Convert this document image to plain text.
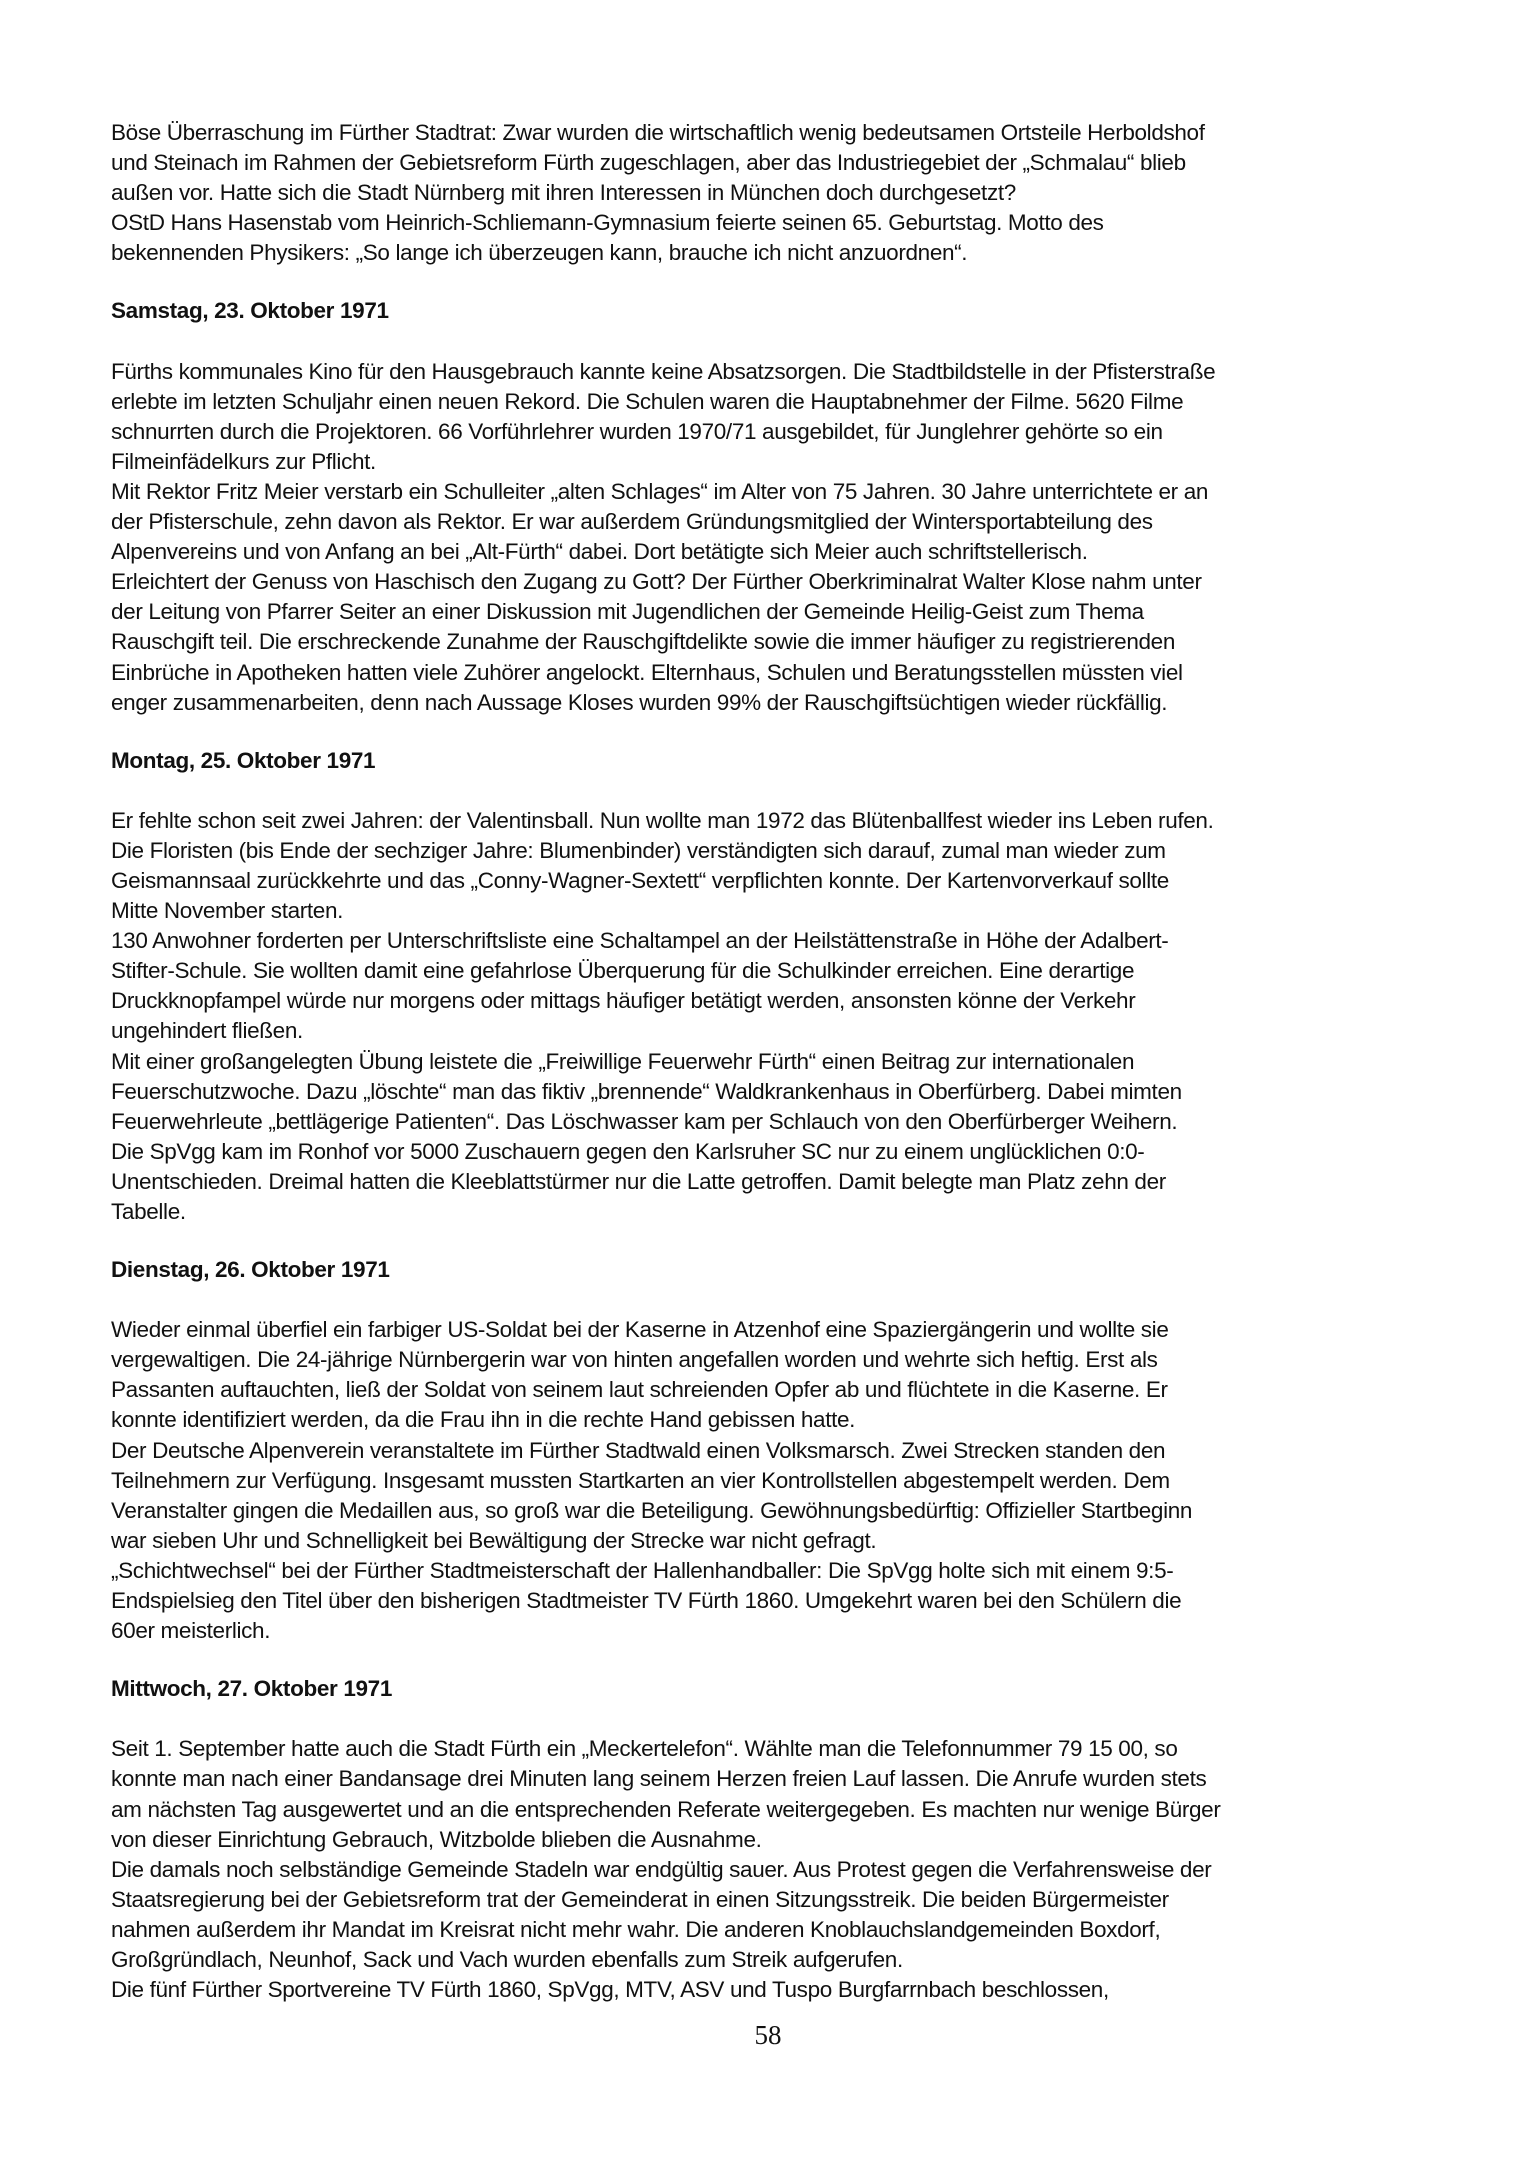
Böse Überraschung im Fürther Stadtrat: Zwar wurden die wirtschaftlich wenig bedeutsamen Ortsteile Herboldshof
und Steinach im Rahmen der Gebietsreform Fürth zugeschlagen, aber das Industriegebiet der „Schmalau“ blieb
außen vor. Hatte sich die Stadt Nürnberg mit ihren Interessen in München doch durchgesetzt?
OStD Hans Hasenstab vom Heinrich-Schliemann-Gymnasium feierte seinen 65. Geburtstag. Motto des
bekennenden Physikers: „So lange ich überzeugen kann, brauche ich nicht anzuordnen“.
Samstag, 23. Oktober 1971
Fürths kommunales Kino für den Hausgebrauch kannte keine Absatzsorgen. Die Stadtbildstelle in der Pfisterstraße
erlebte im letzten Schuljahr einen neuen Rekord. Die Schulen waren die Hauptabnehmer der Filme. 5620 Filme
schnurrten durch die Projektoren. 66 Vorführlehrer wurden 1970/71 ausgebildet, für Junglehrer gehörte so ein
Filmeinfädelkurs zur Pflicht.
Mit Rektor Fritz Meier verstarb ein Schulleiter „alten Schlages“ im Alter von 75 Jahren. 30 Jahre unterrichtete er an
der Pfisterschule, zehn davon als Rektor. Er war außerdem Gründungsmitglied der Wintersportabteilung des
Alpenvereins und von Anfang an bei „Alt-Fürth“ dabei. Dort betätigte sich Meier auch schriftstellerisch.
Erleichtert der Genuss von Haschisch den Zugang zu Gott? Der Fürther Oberkriminalrat Walter Klose nahm unter
der Leitung von Pfarrer Seiter an einer Diskussion mit Jugendlichen der Gemeinde Heilig-Geist zum Thema
Rauschgift teil. Die erschreckende Zunahme der Rauschgiftdelikte sowie die immer häufiger zu registrierenden
Einbrüche in Apotheken hatten viele Zuhörer angelockt. Elternhaus, Schulen und Beratungsstellen müssten viel
enger zusammenarbeiten, denn nach Aussage Kloses wurden 99% der Rauschgiftsüchtigen wieder rückfällig.
Montag, 25. Oktober 1971
Er fehlte schon seit zwei Jahren: der Valentinsball. Nun wollte man 1972 das Blütenballfest wieder ins Leben rufen.
Die Floristen (bis Ende der sechziger Jahre: Blumenbinder) verständigten sich darauf, zumal man wieder zum
Geismannsaal zurückkehrte und das „Conny-Wagner-Sextett“ verpflichten konnte. Der Kartenvorverkauf sollte
Mitte November starten.
130 Anwohner forderten per Unterschriftsliste eine Schaltampel an der Heilstättenstraße in Höhe der Adalbert-
Stifter-Schule. Sie wollten damit eine gefahrlose Überquerung für die Schulkinder erreichen. Eine derartige
Druckknopfampel würde nur morgens oder mittags häufiger betätigt werden, ansonsten könne der Verkehr
ungehindert fließen.
Mit einer großangelegten Übung leistete die „Freiwillige Feuerwehr Fürth“ einen Beitrag zur internationalen
Feuerschutzwoche. Dazu „löschte“ man das fiktiv „brennende“ Waldkrankenhaus in Oberfürberg. Dabei mimten
Feuerwehrleute „bettlägerige Patienten“. Das Löschwasser kam per Schlauch von den Oberfürberger Weihern.
Die SpVgg kam im Ronhof vor 5000 Zuschauern gegen den Karlsruher SC nur zu einem unglücklichen 0:0-
Unentschieden. Dreimal hatten die Kleeblattstürmer nur die Latte getroffen. Damit belegte man Platz zehn der
Tabelle.
Dienstag, 26. Oktober 1971
Wieder einmal überfiel ein farbiger US-Soldat bei der Kaserne in Atzenhof eine Spaziergängerin und wollte sie
vergewaltigen. Die 24-jährige Nürnbergerin war von hinten angefallen worden und wehrte sich heftig. Erst als
Passanten auftauchten, ließ der Soldat von seinem laut schreienden Opfer ab und flüchtete in die Kaserne. Er
konnte identifiziert werden, da die Frau ihn in die rechte Hand gebissen hatte.
Der Deutsche Alpenverein veranstaltete im Fürther Stadtwald einen Volksmarsch. Zwei Strecken standen den
Teilnehmern zur Verfügung. Insgesamt mussten Startkarten an vier Kontrollstellen abgestempelt werden. Dem
Veranstalter gingen die Medaillen aus, so groß war die Beteiligung. Gewöhnungsbedürftig: Offizieller Startbeginn
war sieben Uhr und Schnelligkeit bei Bewältigung der Strecke war nicht gefragt.
„Schichtwechsel“ bei der Fürther Stadtmeisterschaft der Hallenhandballer: Die SpVgg holte sich mit einem 9:5-
Endspielsieg den Titel über den bisherigen Stadtmeister TV Fürth 1860. Umgekehrt waren bei den Schülern die
60er meisterlich.
Mittwoch, 27. Oktober 1971
Seit 1. September hatte auch die Stadt Fürth ein „Meckertelefon“. Wählte man die Telefonnummer 79 15 00, so
konnte man nach einer Bandansage drei Minuten lang seinem Herzen freien Lauf lassen. Die Anrufe wurden stets
am nächsten Tag ausgewertet und an die entsprechenden Referate weitergegeben. Es machten nur wenige Bürger
von dieser Einrichtung Gebrauch, Witzbolde blieben die Ausnahme.
Die damals noch selbständige Gemeinde Stadeln war endgültig sauer. Aus Protest gegen die Verfahrensweise der
Staatsregierung bei der Gebietsreform trat der Gemeinderat in einen Sitzungsstreik. Die beiden Bürgermeister
nahmen außerdem ihr Mandat im Kreisrat nicht mehr wahr. Die anderen Knoblauchslandgemeinden Boxdorf,
Großgründlach, Neunhof, Sack und Vach wurden ebenfalls zum Streik aufgerufen.
Die fünf Fürther Sportvereine TV Fürth 1860, SpVgg, MTV, ASV und Tuspo Burgfarrnbach beschlossen,
58
